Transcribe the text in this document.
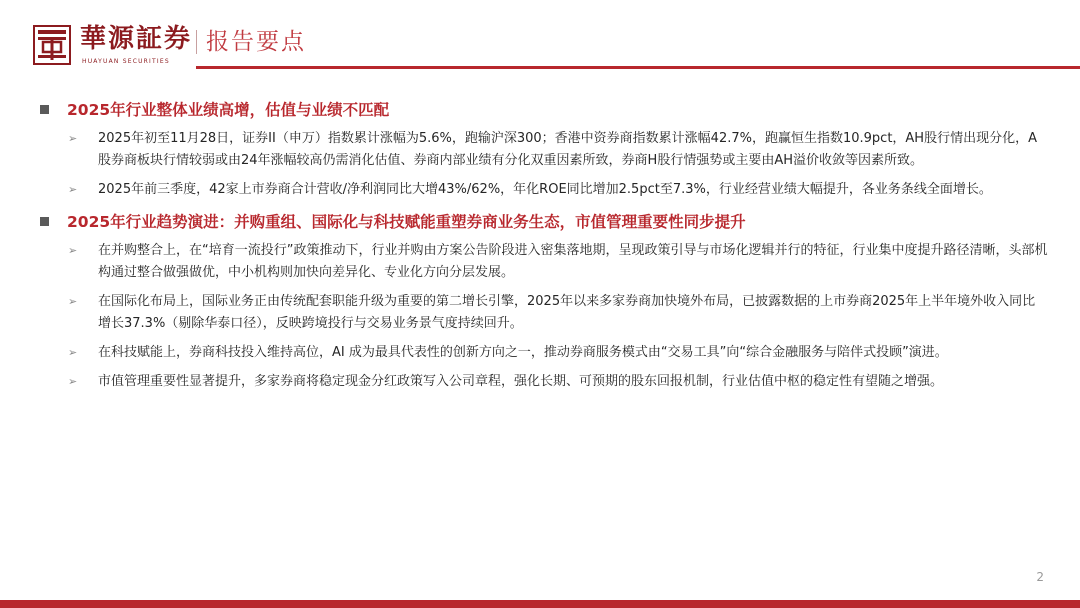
華源証券
HUAYUAN SECURITIES
报告要点
2025年行业整体业绩高增，估值与业绩不匹配
➢	2025年初至11月28日，证券II（申万）指数累计涨幅为5.6%，跑输沪深300；香港中资券商指数累计涨幅42.7%，跑赢恒生指数10.9pct，AH股行情出现分化，A股券商板块行情较弱或由24年涨幅较高仍需消化估值、券商内部业绩有分化双重因素所致，券商H股行情强势或主要由AH溢价收敛等因素所致。
➢	2025年前三季度，42家上市券商合计营收/净利润同比大增43%/62%，年化ROE同比增加2.5pct至7.3%，行业经营业绩大幅提升，各业务条线全面增长。
2025年行业趋势演进：并购重组、国际化与科技赋能重塑券商业务生态，市值管理重要性同步提升
➢	在并购整合上，在“培育一流投行”政策推动下，行业并购由方案公告阶段进入密集落地期，呈现政策引导与市场化逻辑并行的特征，行业集中度提升路径清晰，头部机构通过整合做强做优，中小机构则加快向差异化、专业化方向分层发展。
➢	在国际化布局上，国际业务正由传统配套职能升级为重要的第二增长引擎，2025年以来多家券商加快境外布局，已披露数据的上市券商2025年上半年境外收入同比增长37.3%（剔除华泰口径），反映跨境投行与交易业务景气度持续回升。
➢	在科技赋能上，券商科技投入维持高位，AI 成为最具代表性的创新方向之一，推动券商服务模式由“交易工具”向“综合金融服务与陪伴式投顾”演进。
➢	市值管理重要性显著提升，多家券商将稳定现金分红政策写入公司章程，强化长期、可预期的股东回报机制，行业估值中枢的稳定性有望随之增强。
2
